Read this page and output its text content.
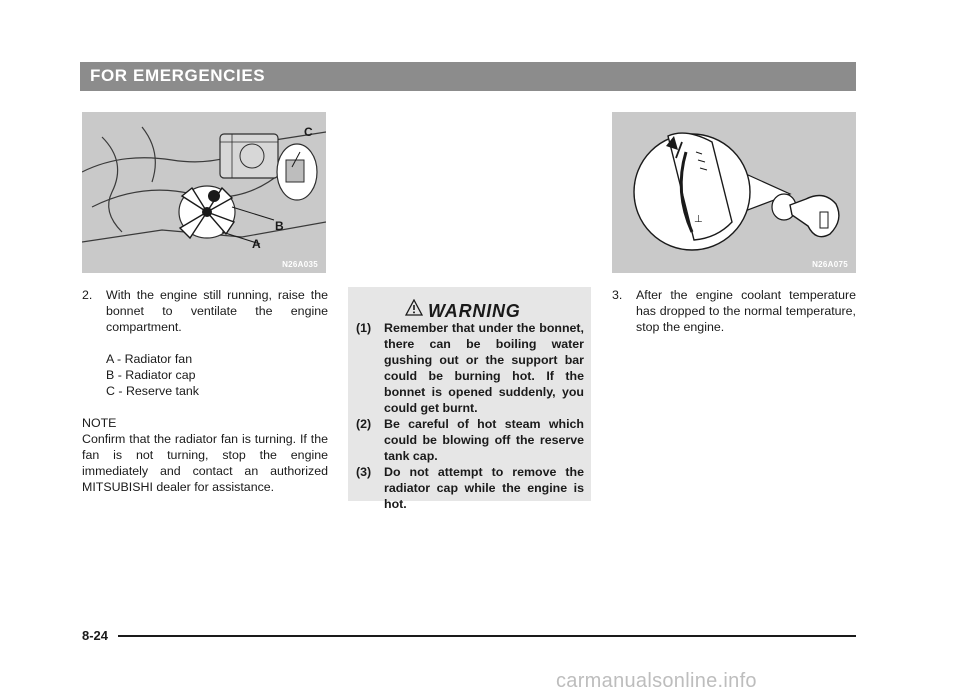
FOR EMERGENCIES
C
B
A
N26A035
⊥
N26A075
2. With the engine still running, raise the bonnet to ventilate the engine compartment.
A - Radiator fan
B - Radiator cap
C - Reserve tank
NOTE
Confirm that the radiator fan is turning. If the fan is not turning, stop the engine immediately and contact an authorized MITSUBISHI dealer for assistance.
WARNING
(1) Remember that under the bonnet, there can be boiling water gushing out or the support bar could be burning hot. If the bonnet is opened suddenly, you could get burnt.
(2) Be careful of hot steam which could be blowing off the reserve tank cap.
(3) Do not attempt to remove the radiator cap while the engine is hot.
3. After the engine coolant temperature has dropped to the normal temperature, stop the engine.
8-24
carmanualsonline.info
